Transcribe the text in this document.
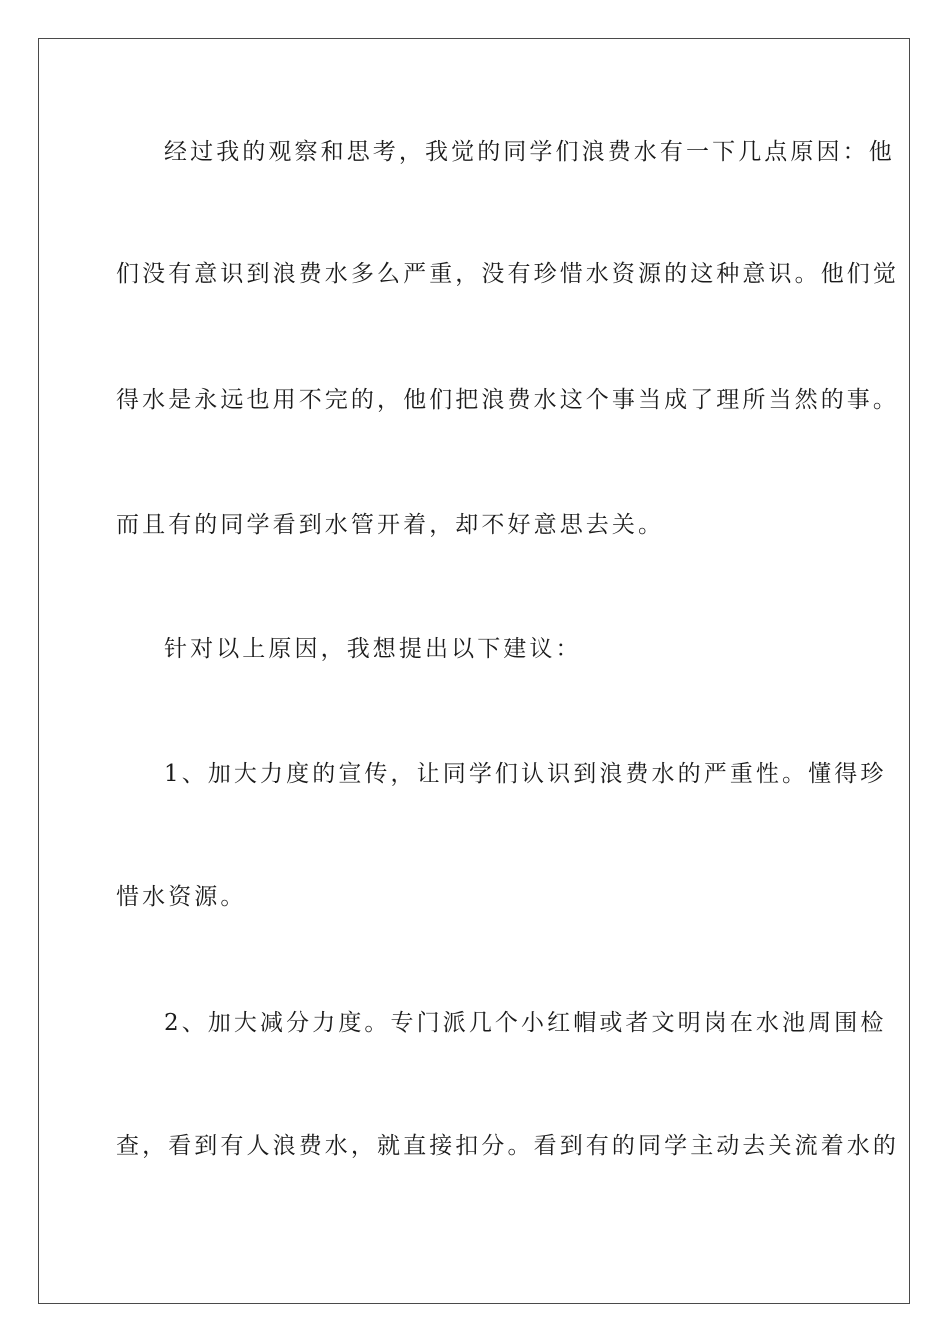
经过我的观察和思考，我觉的同学们浪费水有一下几点原因：他
们没有意识到浪费水多么严重，没有珍惜水资源的这种意识。他们觉
得水是永远也用不完的，他们把浪费水这个事当成了理所当然的事。
而且有的同学看到水管开着，却不好意思去关。
针对以上原因，我想提出以下建议：
1、加大力度的宣传，让同学们认识到浪费水的严重性。懂得珍
惜水资源。
2、加大减分力度。专门派几个小红帽或者文明岗在水池周围检
查，看到有人浪费水，就直接扣分。看到有的同学主动去关流着水的
